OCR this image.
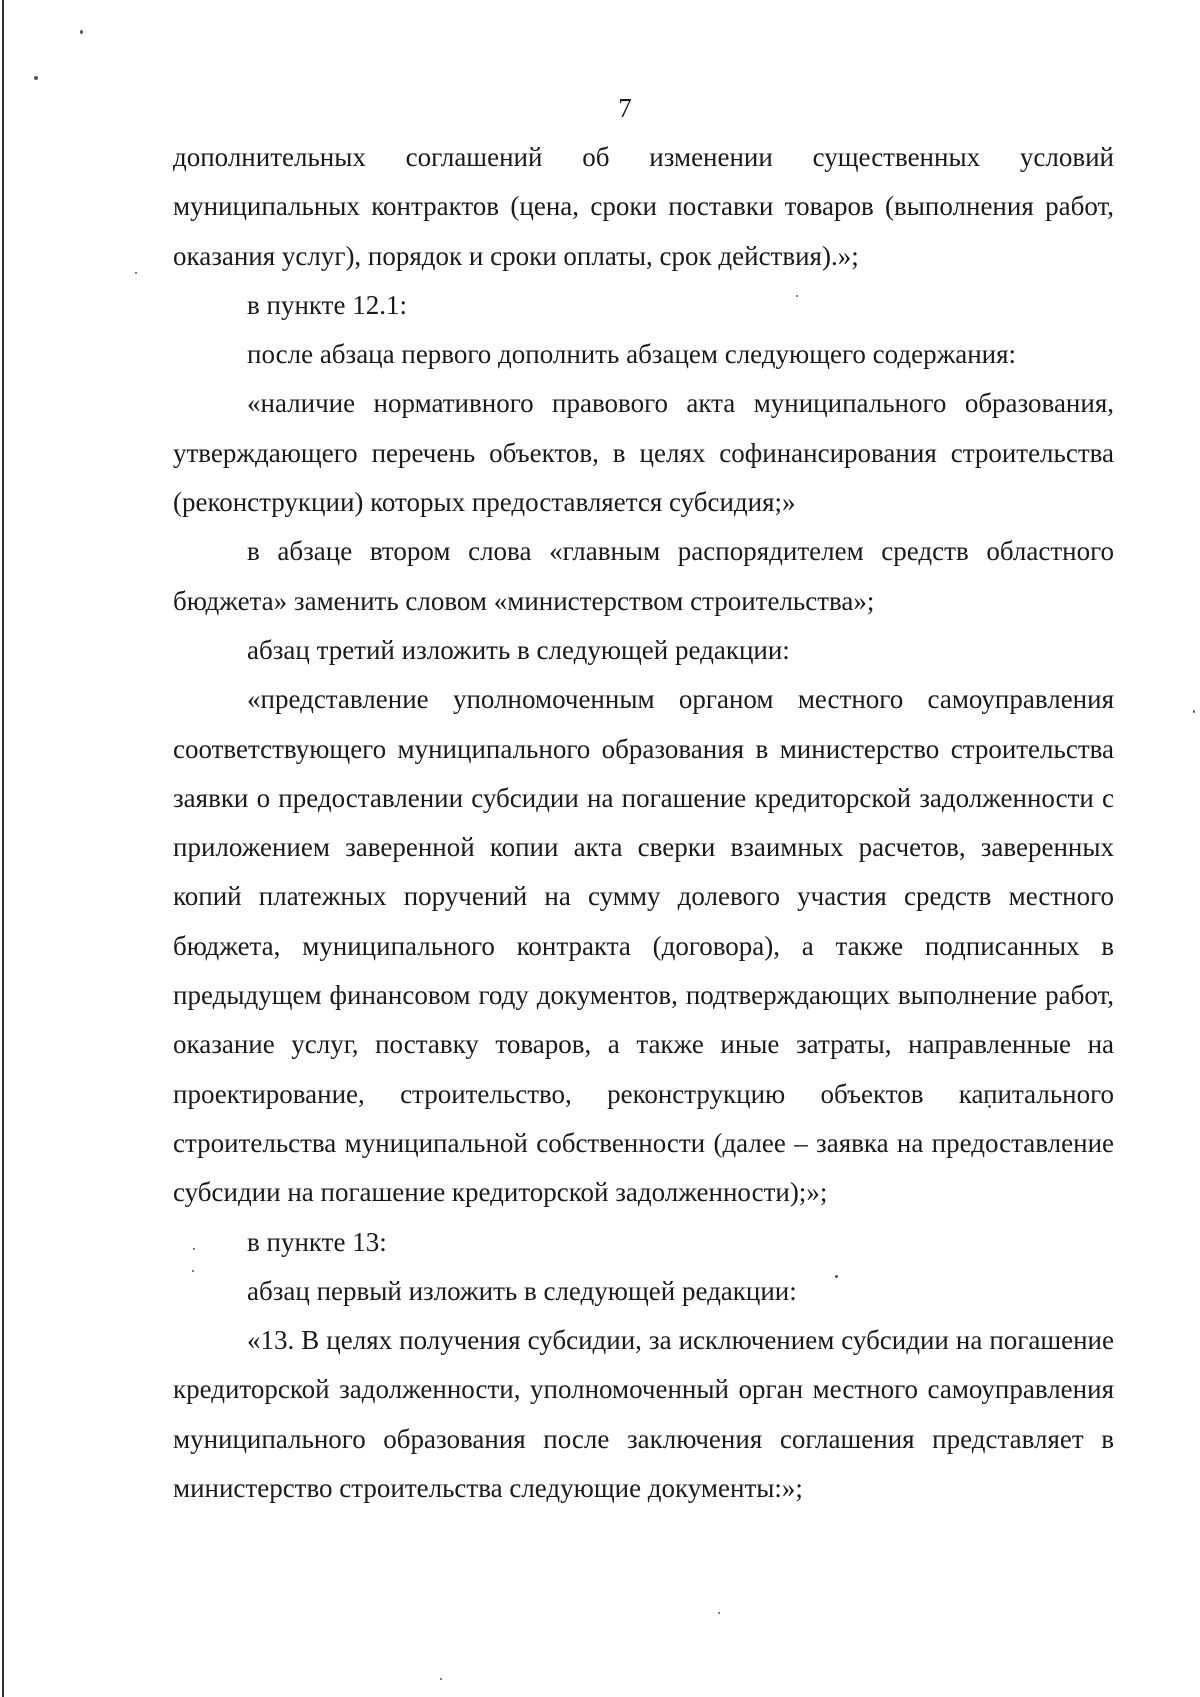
7

дополнительных соглашений об изменении существенных условий муниципальных контрактов (цена, сроки поставки товаров (выполнения работ, оказания услуг), порядок и сроки оплаты, срок действия).»;

в пункте 12.1:

после абзаца первого дополнить абзацем следующего содержания:

«наличие нормативного правового акта муниципального образования, утверждающего перечень объектов, в целях софинансирования строительства (реконструкции) которых предоставляется субсидия;»

в абзаце втором слова «главным распорядителем средств областного бюджета» заменить словом «министерством строительства»;

абзац третий изложить в следующей редакции:

«представление уполномоченным органом местного самоуправления соответствующего муниципального образования в министерство строительства заявки о предоставлении субсидии на погашение кредиторской задолженности с приложением заверенной копии акта сверки взаимных расчетов, заверенных копий платежных поручений на сумму долевого участия средств местного бюджета, муниципального контракта (договора), а также подписанных в предыдущем финансовом году документов, подтверждающих выполнение работ, оказание услуг, поставку товаров, а также иные затраты, направленные на проектирование, строительство, реконструкцию объектов капитального строительства муниципальной собственности (далее – заявка на предоставление субсидии на погашение кредиторской задолженности);»;

в пункте 13:

абзац первый изложить в следующей редакции:

«13. В целях получения субсидии, за исключением субсидии на погашение кредиторской задолженности, уполномоченный орган местного самоуправления муниципального образования после заключения соглашения представляет в министерство строительства следующие документы:»;
